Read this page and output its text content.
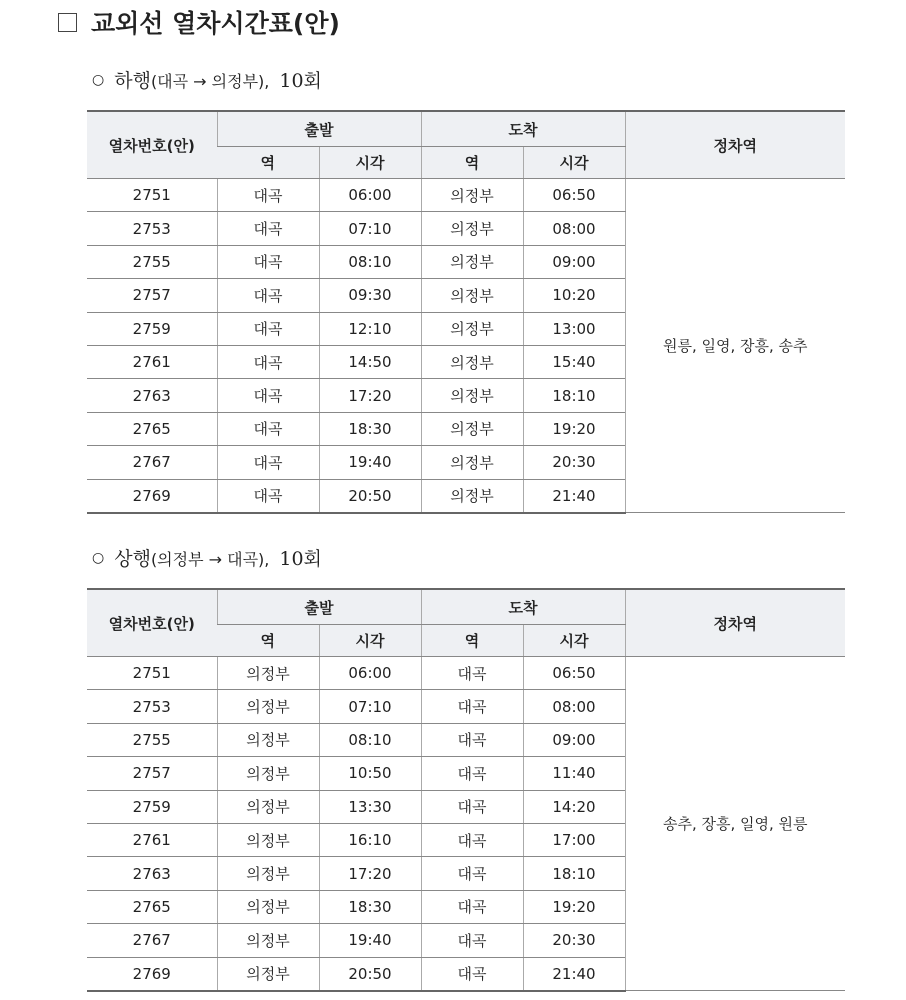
교외선 열차시간표(안)
○ 하행(대곡 → 의정부), 10회
열차번호(안)	출발		도착		정차역
	역	시각	역	시각	
2751	대곡	06:00	의정부	06:50	원릉, 일영, 장흥, 송추
2753	대곡	07:10	의정부	08:00	
2755	대곡	08:10	의정부	09:00	
2757	대곡	09:30	의정부	10:20	
2759	대곡	12:10	의정부	13:00	
2761	대곡	14:50	의정부	15:40	
2763	대곡	17:20	의정부	18:10	
2765	대곡	18:30	의정부	19:20	
2767	대곡	19:40	의정부	20:30	
2769	대곡	20:50	의정부	21:40	
○ 상행(의정부 → 대곡), 10회
열차번호(안)	출발		도착		정차역
	역	시각	역	시각	
2751	의정부	06:00	대곡	06:50	송추, 장흥, 일영, 원릉
2753	의정부	07:10	대곡	08:00	
2755	의정부	08:10	대곡	09:00	
2757	의정부	10:50	대곡	11:40	
2759	의정부	13:30	대곡	14:20	
2761	의정부	16:10	대곡	17:00	
2763	의정부	17:20	대곡	18:10	
2765	의정부	18:30	대곡	19:20	
2767	의정부	19:40	대곡	20:30	
2769	의정부	20:50	대곡	21:40	
